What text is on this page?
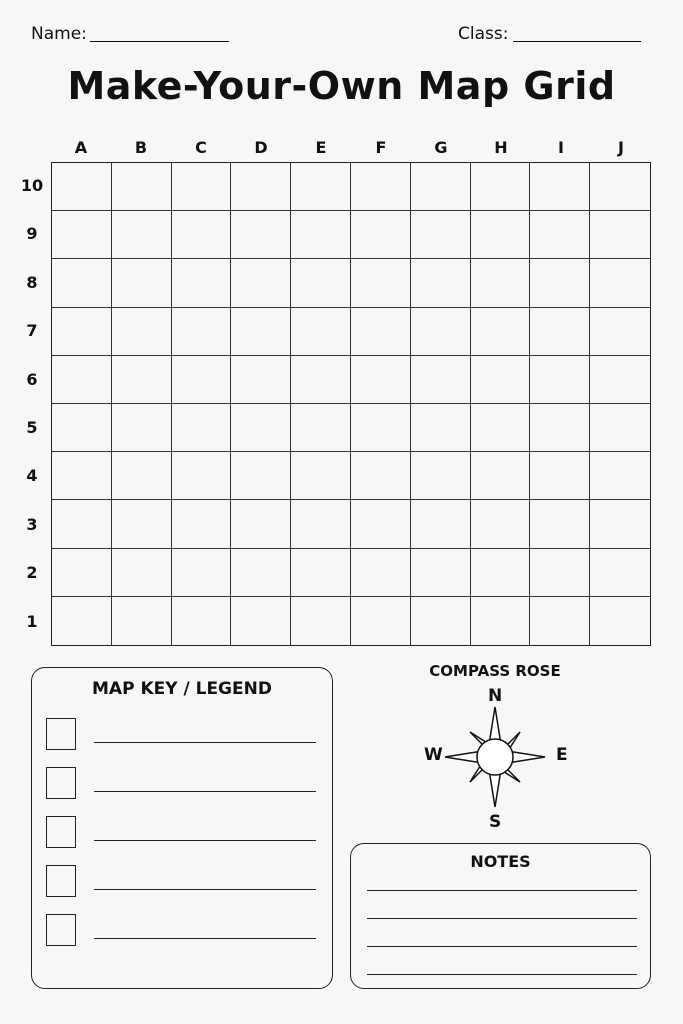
Name:	Class:
Make-Your-Own Map Grid
A	B	C	D	E	F	G	H	I	J
10
9
8
7
6
5
4
3
2
1
MAP KEY / LEGEND
COMPASS ROSE
N
W	E
S
NOTES
